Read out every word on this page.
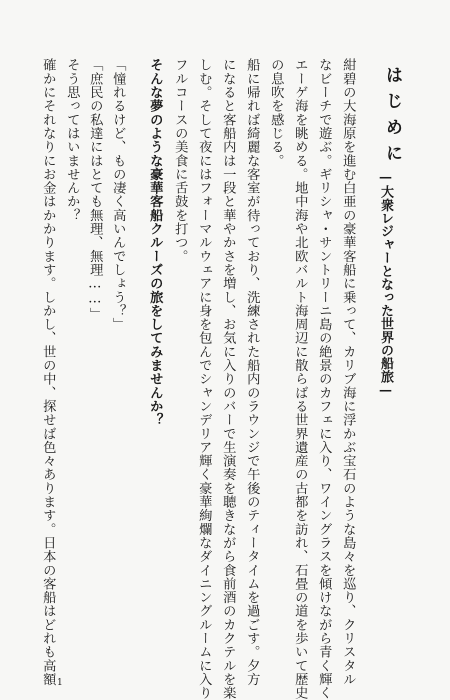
はじめに
—大衆レジャーとなった世界の船旅—
紺碧の大海原を進む白亜の豪華客船に乗って、カリブ海に浮かぶ宝石のような島々を巡り、クリスタル
なビーチで遊ぶ。ギリシャ・サントリーニ島の絶景のカフェに入り、ワイングラスを傾けながら青く輝く
エーゲ海を眺める。地中海や北欧バルト海周辺に散らばる世界遺産の古都を訪れ、石畳の道を歩いて歴史
の息吹を感じる。
船に帰れば綺麗な客室が待っており、洗練された船内のラウンジで午後のティータイムを過ごす。夕方
になると客船内は一段と華やかさを増し、お気に入りのバーで生演奏を聴きながら食前酒のカクテルを楽
しむ。そして夜にはフォーマルウェアに身を包んでシャンデリア輝く豪華絢爛なダイニングルームに入り
フルコースの美食に舌鼓を打つ。
そんな夢のような豪華客船クルーズの旅をしてみませんか？
「憧れるけど、もの凄く高いんでしょう？」
「庶民の私達にはとても無理、無理……」
そう思ってはいませんか？
確かにそれなりにお金はかかります。しかし、世の中、探せば色々あります。日本の客船はどれも高額 1
